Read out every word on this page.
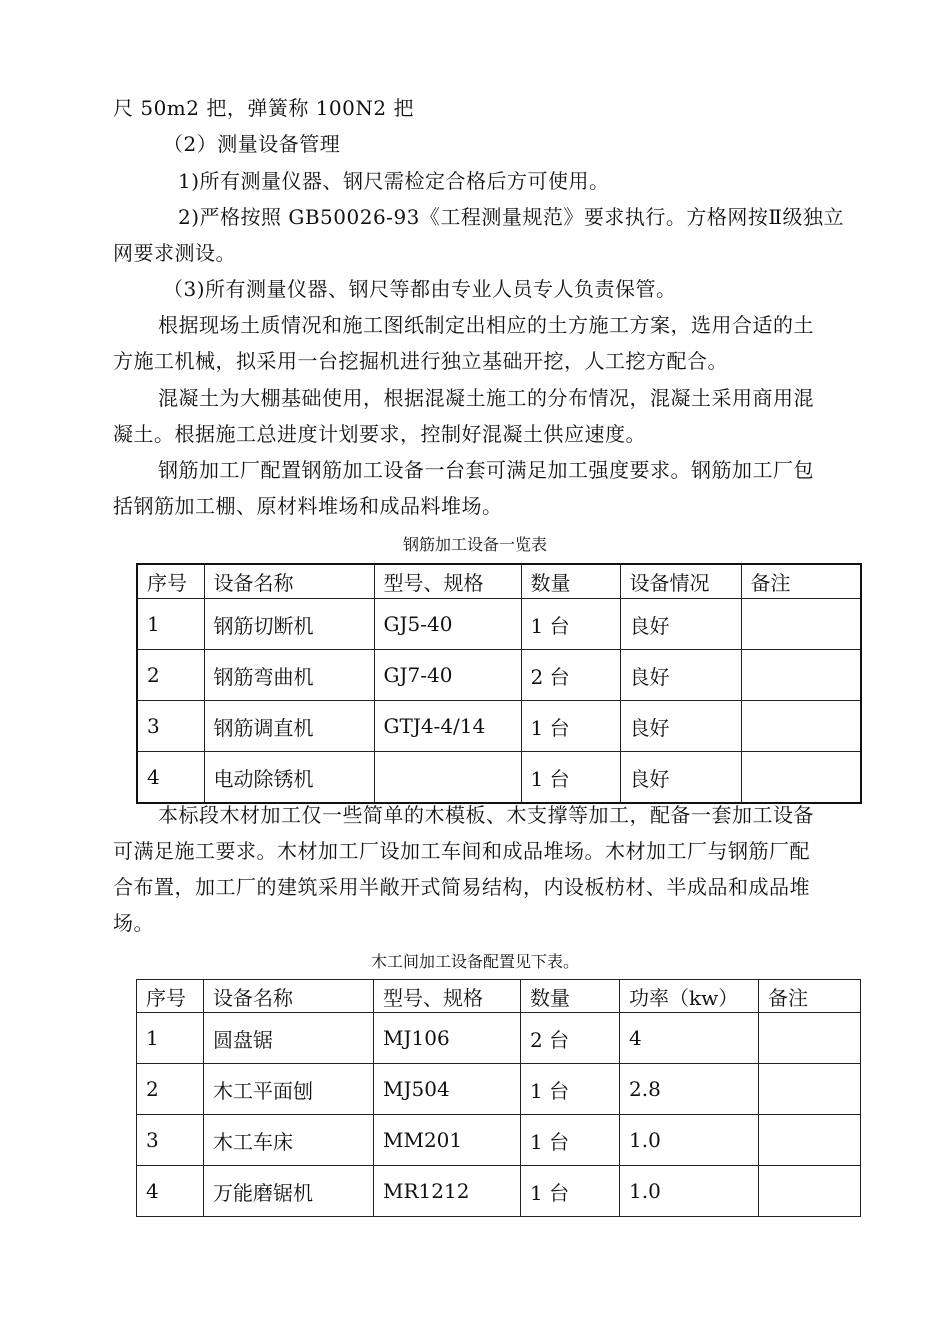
尺 50m2 把，弹簧称 100N2 把
（2）测量设备管理
1)所有测量仪器、钢尺需检定合格后方可使用。
2)严格按照 GB50026-93《工程测量规范》要求执行。方格网按Ⅱ级独立
网要求测设。
（3)所有测量仪器、钢尺等都由专业人员专人负责保管。
根据现场土质情况和施工图纸制定出相应的土方施工方案，选用合适的土
方施工机械，拟采用一台挖掘机进行独立基础开挖，人工挖方配合。
混凝土为大棚基础使用，根据混凝土施工的分布情况，混凝土采用商用混
凝土。根据施工总进度计划要求，控制好混凝土供应速度。
钢筋加工厂配置钢筋加工设备一台套可满足加工强度要求。钢筋加工厂包
括钢筋加工棚、原材料堆场和成品料堆场。
钢筋加工设备一览表
序号	设备名称	型号、规格	数量	设备情况	备注
1	钢筋切断机	GJ5-40	1 台	良好	
2	钢筋弯曲机	GJ7-40	2 台	良好	
3	钢筋调直机	GTJ4-4/14	1 台	良好	
4	电动除锈机		1 台	良好	
本标段木材加工仅一些简单的木模板、木支撑等加工，配备一套加工设备
可满足施工要求。木材加工厂设加工车间和成品堆场。木材加工厂与钢筋厂配
合布置，加工厂的建筑采用半敞开式简易结构，内设板枋材、半成品和成品堆
场。
木工间加工设备配置见下表。
序号	设备名称	型号、规格	数量	功率（kw）	备注
1	圆盘锯	MJ106	2 台	4	
2	木工平面刨	MJ504	1 台	2.8	
3	木工车床	MM201	1 台	1.0	
4	万能磨锯机	MR1212	1 台	1.0	
